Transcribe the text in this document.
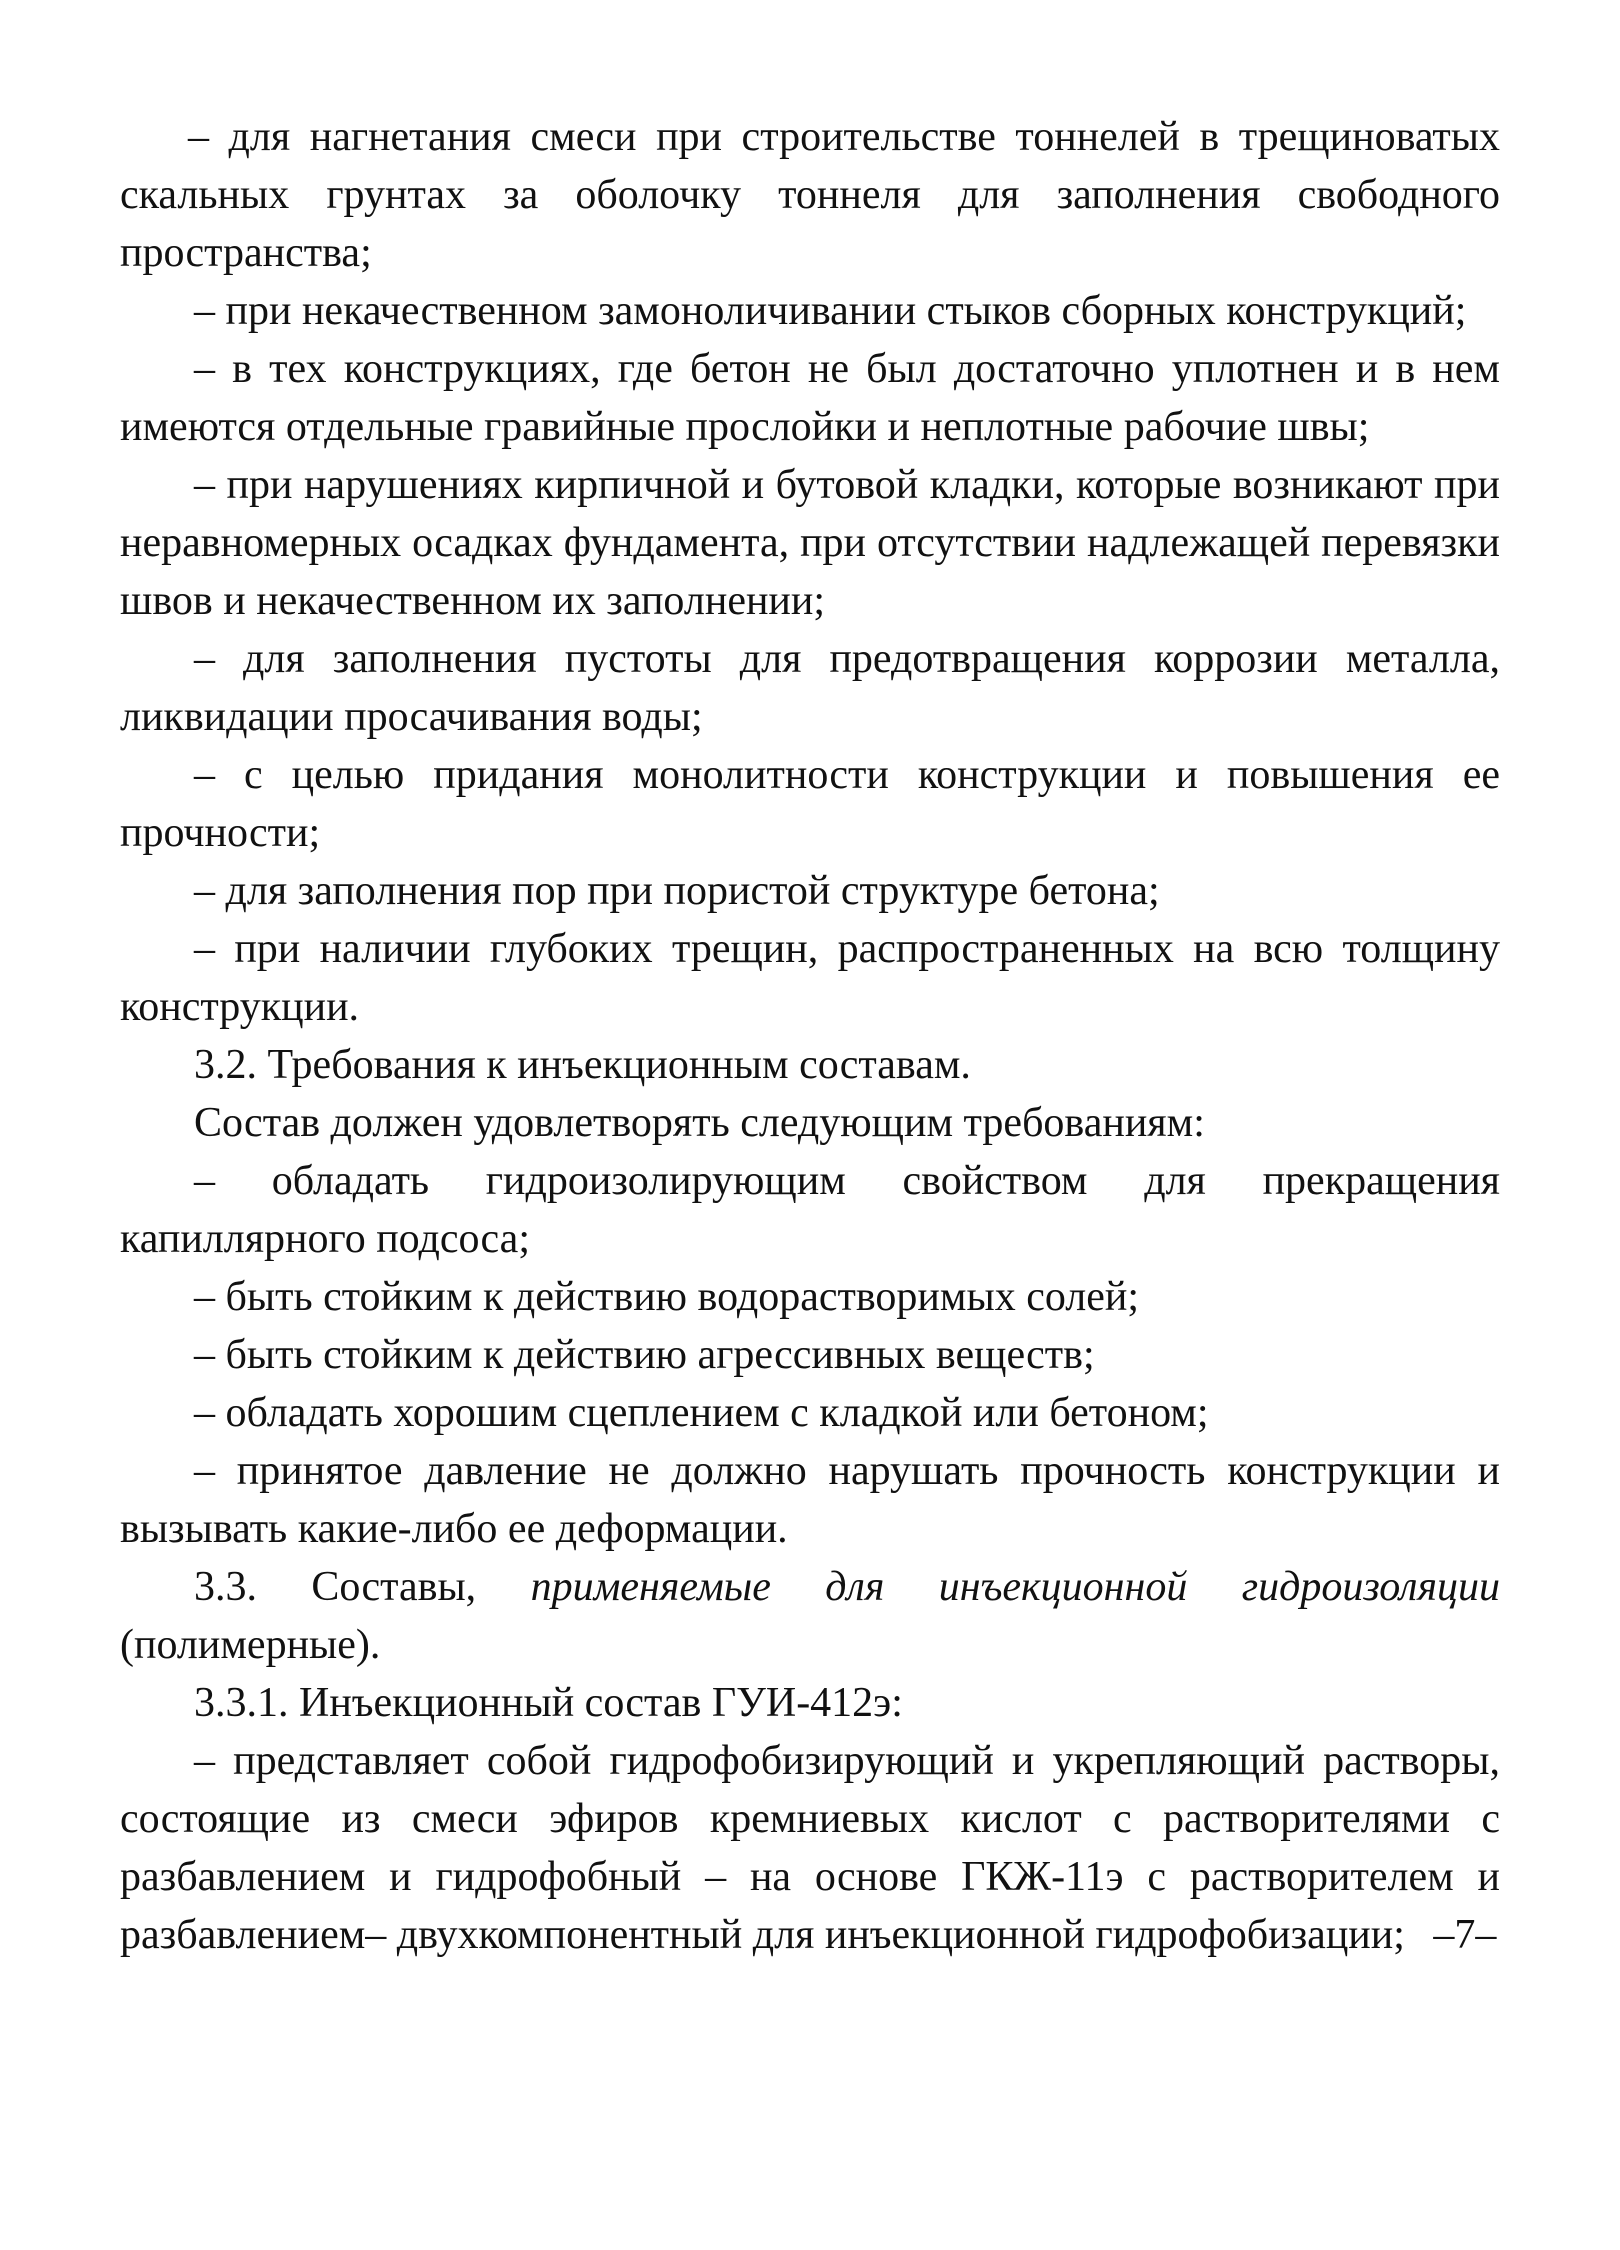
– для нагнетания смеси при строительстве тоннелей в трещиноватых скальных грунтах за оболочку тоннеля для заполнения свободного пространства;

– при некачественном замоноличивании стыков сборных конструкций;

– в тех конструкциях, где бетон не был достаточно уплотнен и в нем имеются отдельные гравийные прослойки и неплотные рабочие швы;

– при нарушениях кирпичной и бутовой кладки, которые возникают при неравномерных осадках фундамента, при отсутствии надлежащей перевязки швов и некачественном их заполнении;

– для заполнения пустоты для предотвращения коррозии металла, ликвидации просачивания воды;

– с целью придания монолитности конструкции и повышения ее прочности;

– для заполнения пор при пористой структуре бетона;

– при наличии глубоких трещин, распространенных на всю толщину конструкции.

3.2. Требования к инъекционным составам.

Состав должен удовлетворять следующим требованиям:

– обладать гидроизолирующим свойством для прекращения капиллярного подсоса;

– быть стойким к действию водорастворимых солей;

– быть стойким к действию агрессивных веществ;

– обладать хорошим сцеплением с кладкой или бетоном;

– принятое давление не должно нарушать прочность конструкции и вызывать какие-либо ее деформации.

3.3. Составы, применяемые для инъекционной гидроизоляции (полимерные).

3.3.1. Инъекционный состав ГУИ-412э:

– представляет собой гидрофобизирующий и укрепляющий растворы, состоящие из смеси эфиров кремниевых кислот с растворителями с разбавлением и гидрофобный – на основе ГКЖ-11э с растворителем и разбавлением– двухкомпонентный для инъекционной гидрофобизации; –7–
